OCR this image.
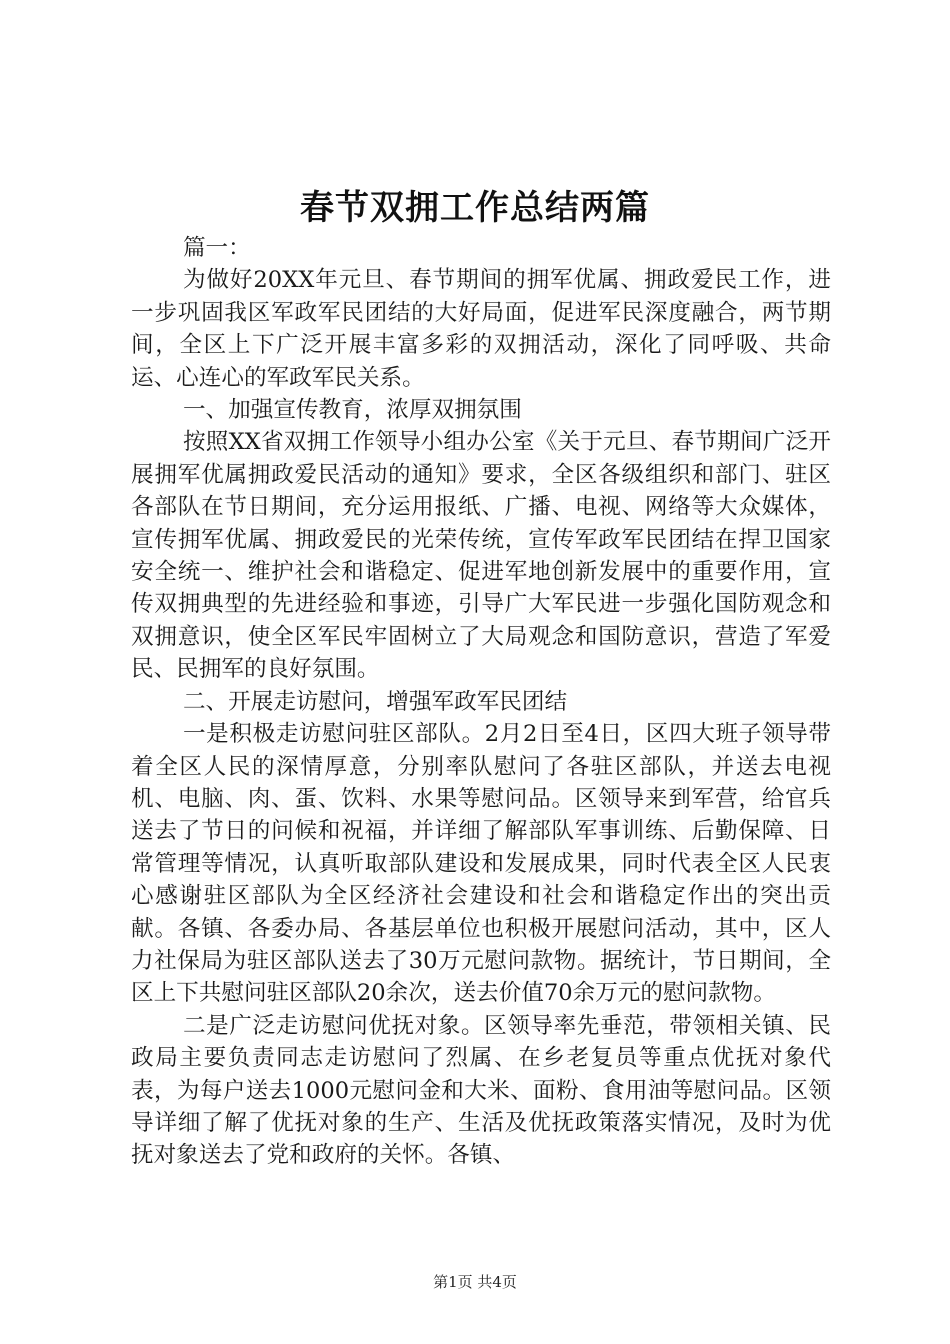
春节双拥工作总结两篇

篇一：

为做好20XX年元旦、春节期间的拥军优属、拥政爱民工作，进一步巩固我区军政军民团结的大好局面，促进军民深度融合，两节期间，全区上下广泛开展丰富多彩的双拥活动，深化了同呼吸、共命运、心连心的军政军民关系。

一、加强宣传教育，浓厚双拥氛围

按照XX省双拥工作领导小组办公室《关于元旦、春节期间广泛开展拥军优属拥政爱民活动的通知》要求，全区各级组织和部门、驻区各部队在节日期间，充分运用报纸、广播、电视、网络等大众媒体，宣传拥军优属、拥政爱民的光荣传统，宣传军政军民团结在捍卫国家安全统一、维护社会和谐稳定、促进军地创新发展中的重要作用，宣传双拥典型的先进经验和事迹，引导广大军民进一步强化国防观念和双拥意识，使全区军民牢固树立了大局观念和国防意识，营造了军爱民、民拥军的良好氛围。

二、开展走访慰问，增强军政军民团结

一是积极走访慰问驻区部队。2月2日至4日，区四大班子领导带着全区人民的深情厚意，分别率队慰问了各驻区部队，并送去电视机、电脑、肉、蛋、饮料、水果等慰问品。区领导来到军营，给官兵送去了节日的问候和祝福，并详细了解部队军事训练、后勤保障、日常管理等情况，认真听取部队建设和发展成果，同时代表全区人民衷心感谢驻区部队为全区经济社会建设和社会和谐稳定作出的突出贡献。各镇、各委办局、各基层单位也积极开展慰问活动，其中，区人力社保局为驻区部队送去了30万元慰问款物。据统计，节日期间，全区上下共慰问驻区部队20余次，送去价值70余万元的慰问款物。

二是广泛走访慰问优抚对象。区领导率先垂范，带领相关镇、民政局主要负责同志走访慰问了烈属、在乡老复员等重点优抚对象代表，为每户送去1000元慰问金和大米、面粉、食用油等慰问品。区领导详细了解了优抚对象的生产、生活及优抚政策落实情况，及时为优抚对象送去了党和政府的关怀。各镇、

第1页 共4页
